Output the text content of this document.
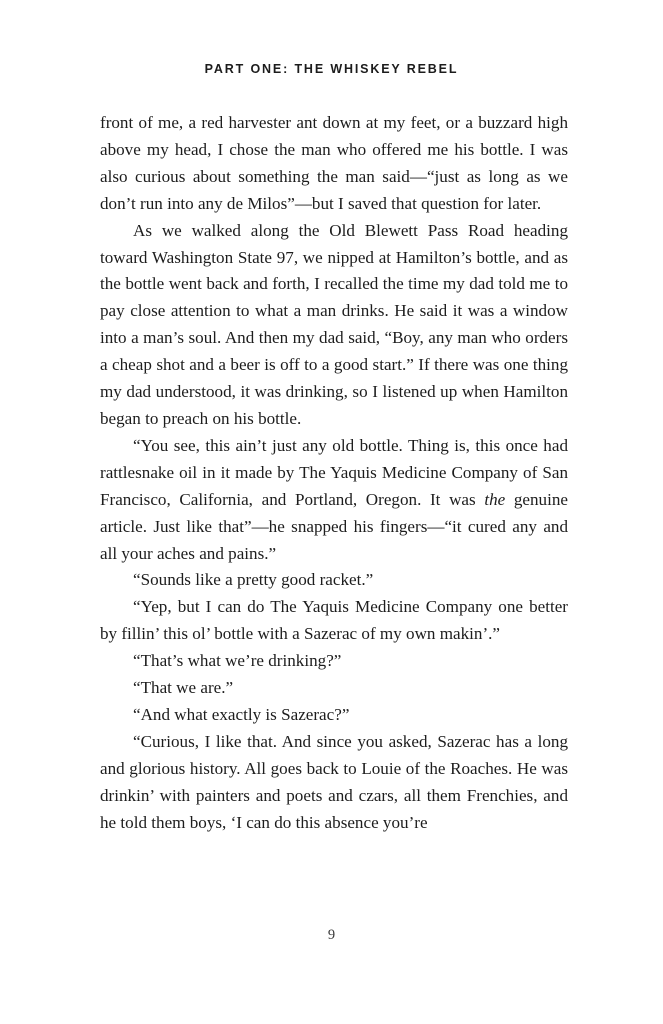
PART ONE: THE WHISKEY REBEL

front of me, a red harvester ant down at my feet, or a buzzard high above my head, I chose the man who offered me his bottle. I was also curious about something the man said—“just as long as we don’t run into any de Milos”—but I saved that question for later.

As we walked along the Old Blewett Pass Road heading toward Washington State 97, we nipped at Hamilton’s bottle, and as the bottle went back and forth, I recalled the time my dad told me to pay close attention to what a man drinks. He said it was a window into a man’s soul. And then my dad said, “Boy, any man who orders a cheap shot and a beer is off to a good start.” If there was one thing my dad understood, it was drinking, so I listened up when Hamilton began to preach on his bottle.

“You see, this ain’t just any old bottle. Thing is, this once had rattlesnake oil in it made by The Yaquis Medicine Company of San Francisco, California, and Portland, Oregon. It was the genuine article. Just like that”—he snapped his fingers—“it cured any and all your aches and pains.”

“Sounds like a pretty good racket.”

“Yep, but I can do The Yaquis Medicine Company one better by fillin’ this ol’ bottle with a Sazerac of my own makin’.”

“That’s what we’re drinking?”

“That we are.”

“And what exactly is Sazerac?”

“Curious, I like that. And since you asked, Sazerac has a long and glorious history. All goes back to Louie of the Roaches. He was drinkin’ with painters and poets and czars, all them Frenchies, and he told them boys, ‘I can do this absence you’re

9
